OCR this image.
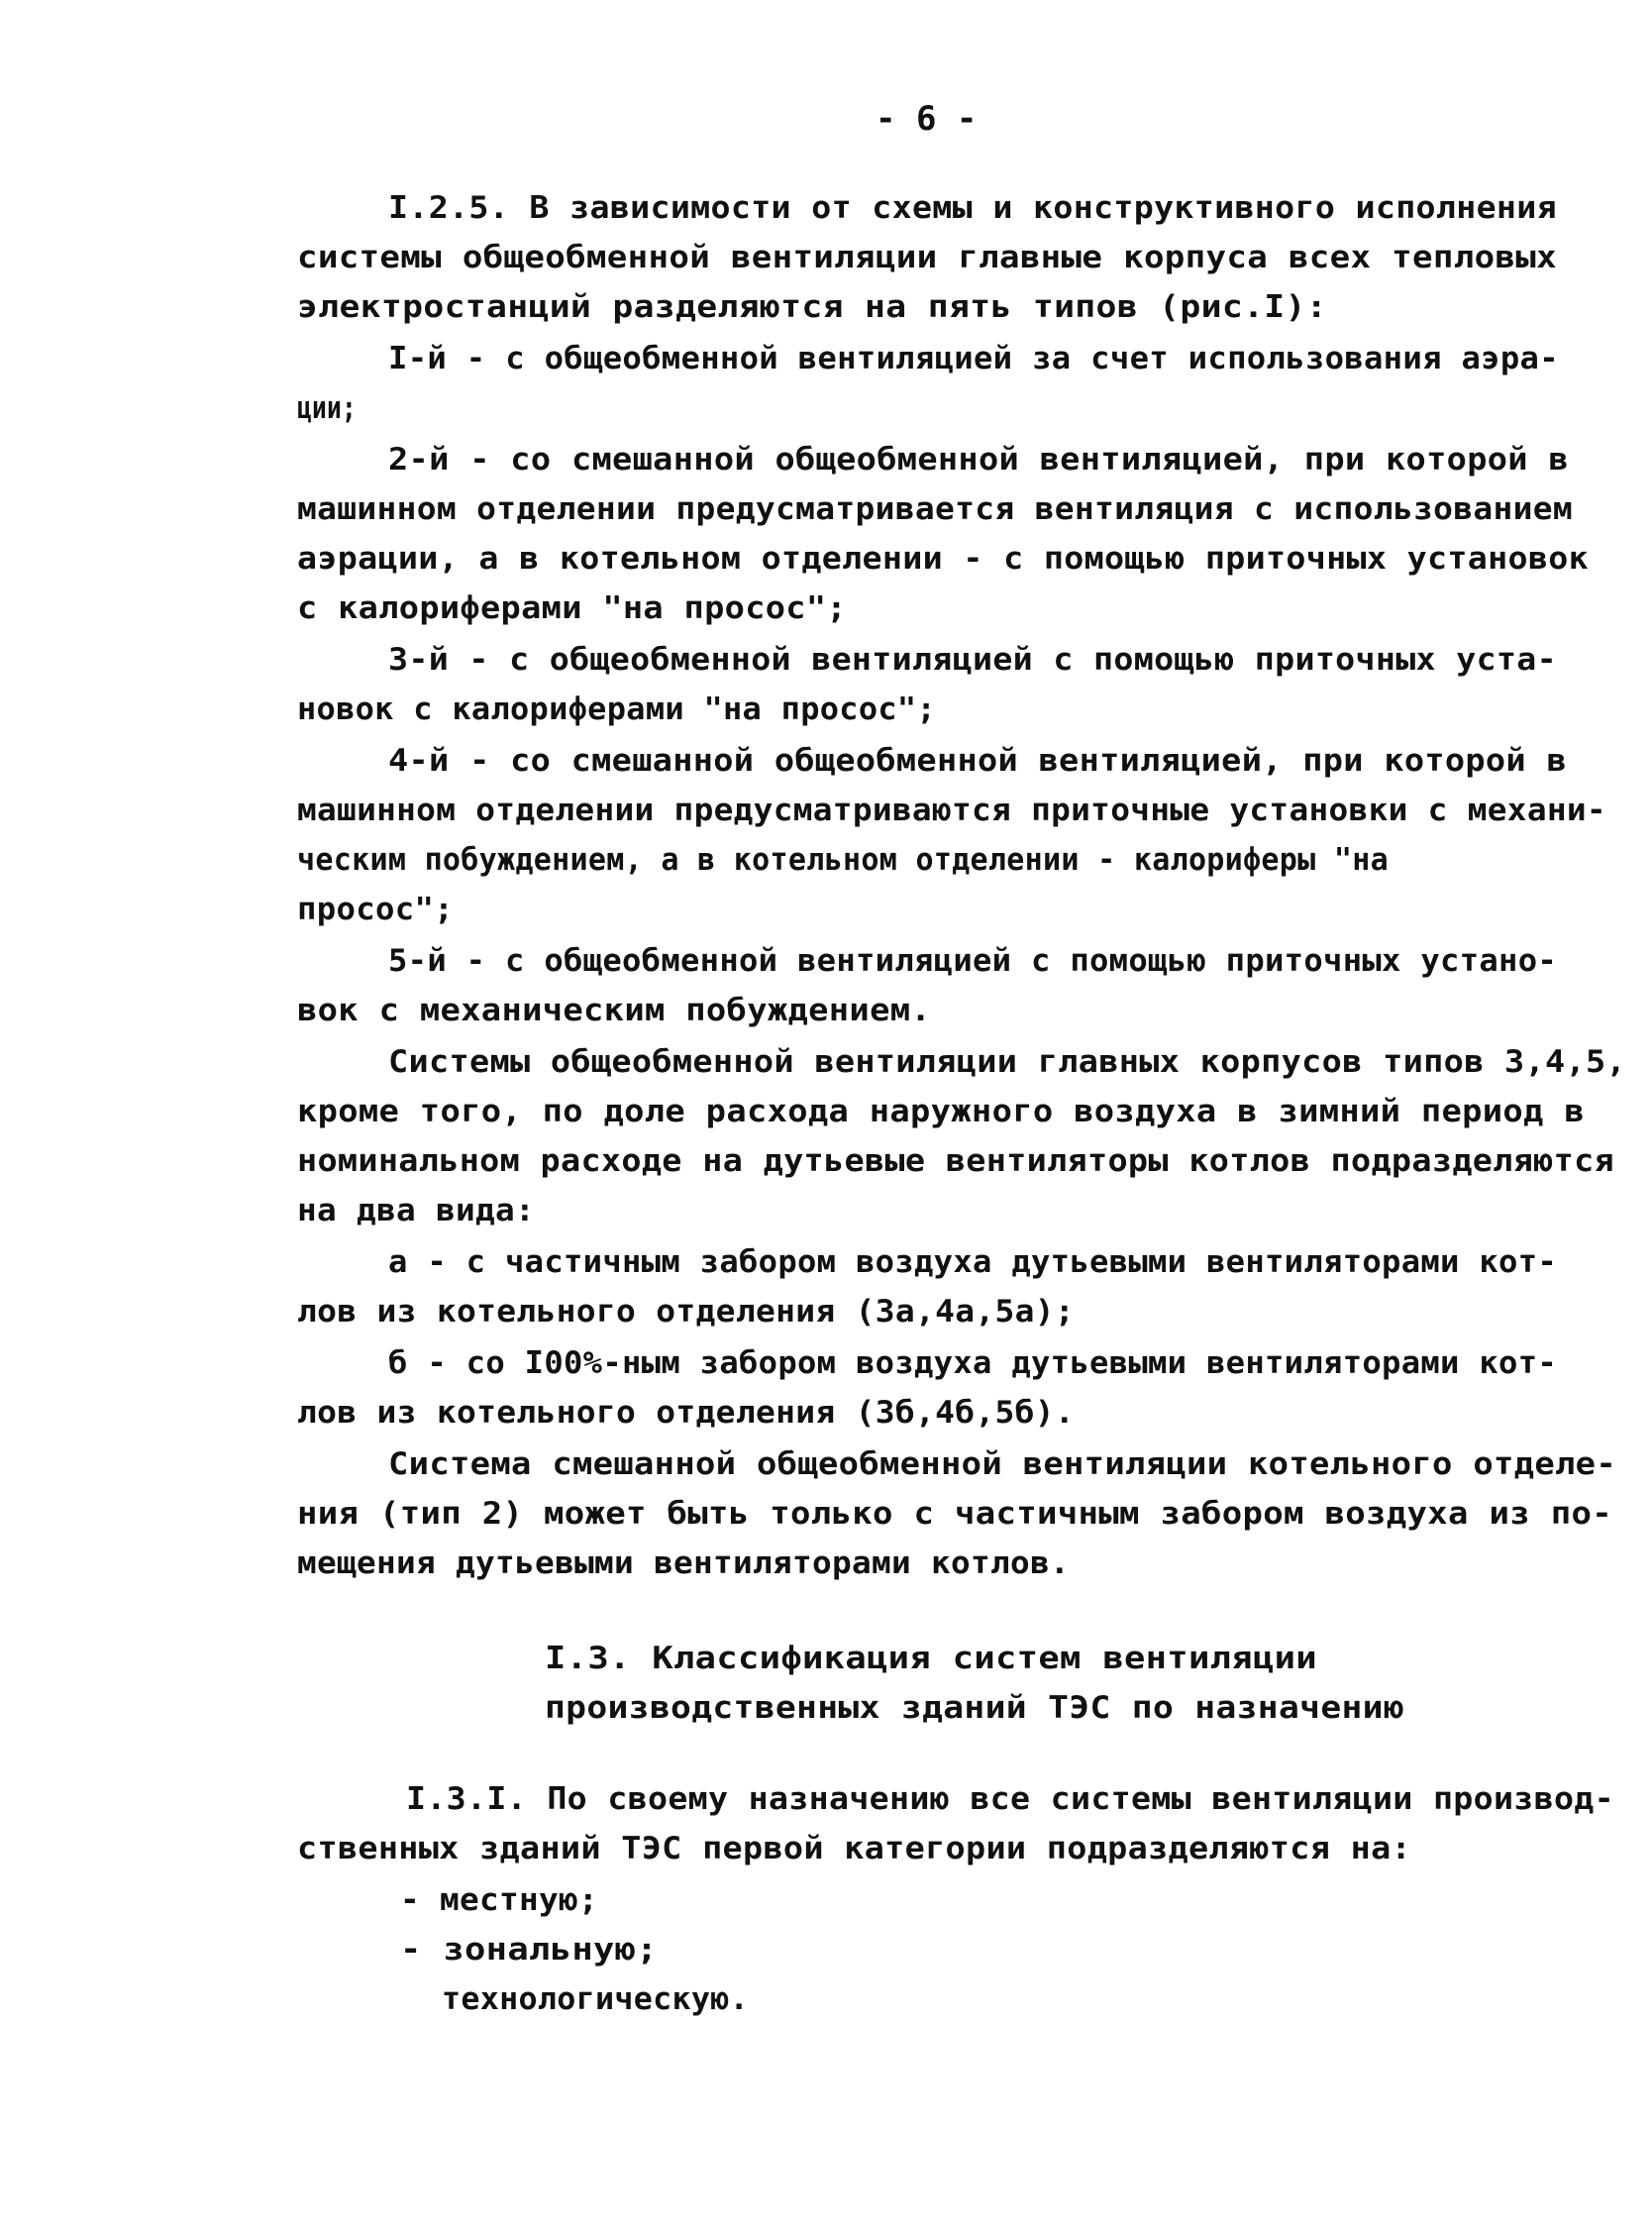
- 6 -
I.2.5. В зависимости от схемы и конструктивного исполнения
системы общеобменной вентиляции главные корпуса всех тепловых
электростанций разделяются на пять типов (рис.I):
I-й - с общеобменной вентиляцией за счет использования аэра-
ции;
2-й - со смешанной общеобменной вентиляцией, при которой в
машинном отделении предусматривается вентиляция с использованием
аэрации, а в котельном отделении - с помощью приточных установок
с калориферами "на просос";
3-й - с общеобменной вентиляцией с помощью приточных уста-
новок с калориферами "на просос";
4-й - со смешанной общеобменной вентиляцией, при которой в
машинном отделении предусматриваются приточные установки с механи-
ческим побуждением, а в котельном отделении - калориферы "на
просос";
5-й - с общеобменной вентиляцией с помощью приточных устано-
вок с механическим побуждением.
Системы общеобменной вентиляции главных корпусов типов 3,4,5,
кроме того, по доле расхода наружного воздуха в зимний период в
номинальном расходе на дутьевые вентиляторы котлов подразделяются
на два вида:
а - с частичным забором воздуха дутьевыми вентиляторами кот-
лов из котельного отделения (3а,4а,5а);
б - со I00%-ным забором воздуха дутьевыми вентиляторами кот-
лов из котельного отделения (3б,4б,5б).
Система смешанной общеобменной вентиляции котельного отделе-
ния (тип 2) может быть только с частичным забором воздуха из по-
мещения дутьевыми вентиляторами котлов.
I.3. Классификация систем вентиляции
производственных зданий ТЭС по назначению
I.3.I. По своему назначению все системы вентиляции производ-
ственных зданий ТЭС первой категории подразделяются на:
- местную;
- зональную;
технологическую.
